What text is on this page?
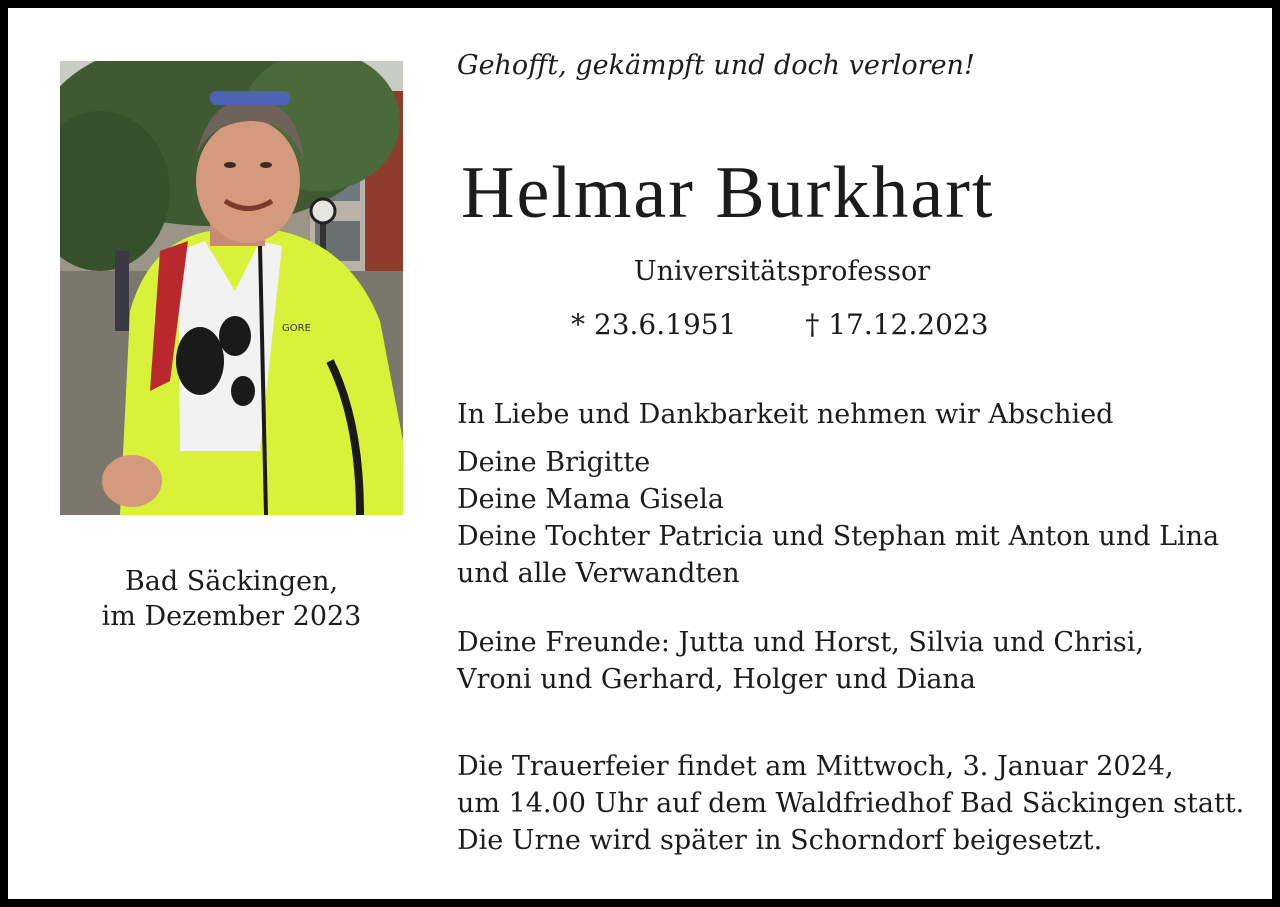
GORE
Bad Säckingen,
im Dezember 2023
Gehofft, gekämpft und doch verloren!
Helmar Burkhart
Universitätsprofessor
* 23.6.1951 † 17.12.2023
In Liebe und Dankbarkeit nehmen wir Abschied
Deine Brigitte
Deine Mama Gisela
Deine Tochter Patricia und Stephan mit Anton und Lina
und alle Verwandten
Deine Freunde: Jutta und Horst, Silvia und Chrisi,
Vroni und Gerhard, Holger und Diana
Die Trauerfeier findet am Mittwoch, 3. Januar 2024,
um 14.00 Uhr auf dem Waldfriedhof Bad Säckingen statt.
Die Urne wird später in Schorndorf beigesetzt.
